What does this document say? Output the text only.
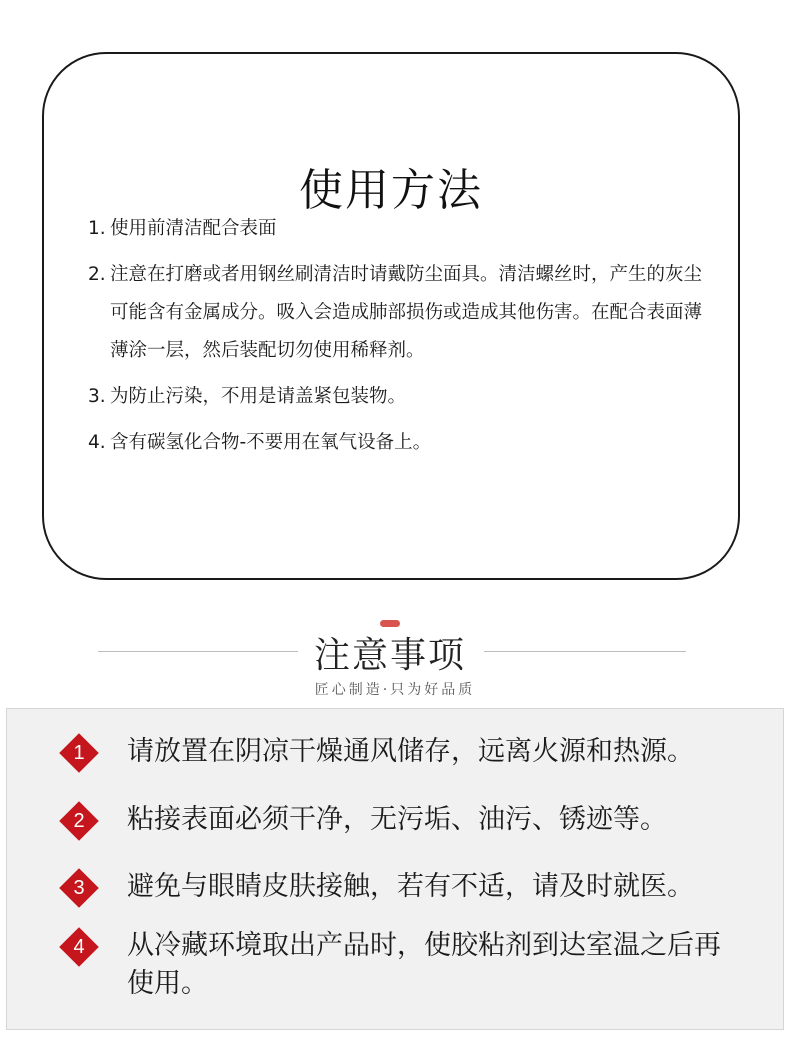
使用方法
1. 使用前清洁配合表面
2. 注意在打磨或者用钢丝刷清洁时请戴防尘面具。清洁螺丝时，产生的灰尘可能含有金属成分。吸入会造成肺部损伤或造成其他伤害。在配合表面薄薄涂一层，然后装配切勿使用稀释剂。
3. 为防止污染，不用是请盖紧包装物。
4. 含有碳氢化合物-不要用在氧气设备上。
注意事项
匠心制造·只为好品质
1	请放置在阴凉干燥通风储存，远离火源和热源。
2	粘接表面必须干净，无污垢、油污、锈迹等。
3	避免与眼睛皮肤接触，若有不适，请及时就医。
4	从冷藏环境取出产品时，使胶粘剂到达室温之后再使用。
